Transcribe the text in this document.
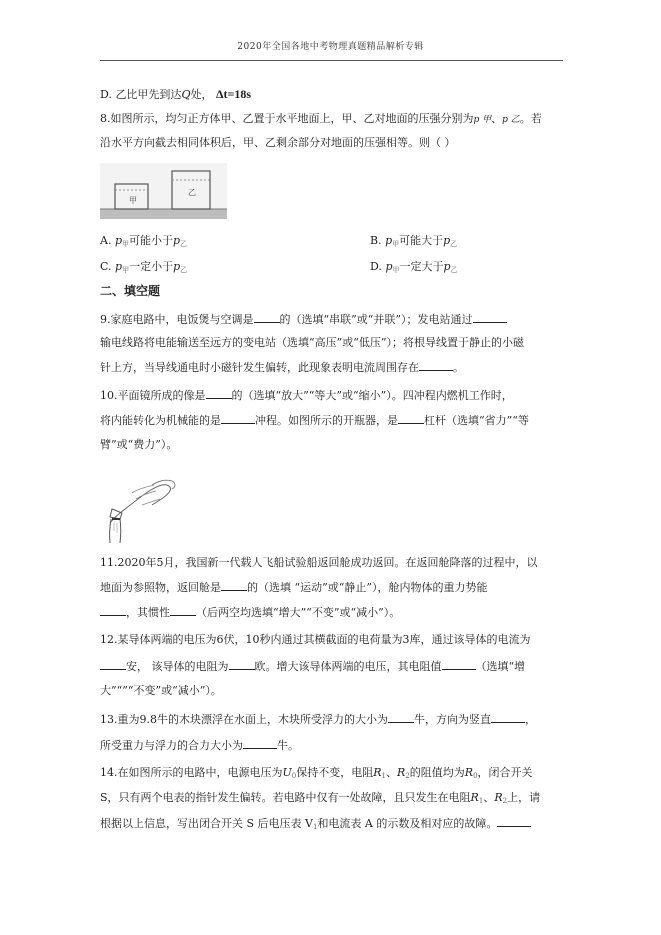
2020年全国各地中考物理真题精品解析专辑
D. 乙比甲先到达Q处， Δt=18s
8.如图所示，均匀正方体甲、乙置于水平地面上，甲、乙对地面的压强分别为p 甲、p 乙。若
沿水平方向截去相同体积后，甲、乙剩余部分对地面的压强相等。则（ ）
甲
乙
A. $p_甲$可能小于$p_乙$	B. $p_甲$可能大于$p_乙$
C. $p_甲$一定小于$p_乙$	D. $p_甲$一定大于$p_乙$
二、填空题
9.家庭电路中，电饭煲与空调是 的（选填“串联”或“并联”）；发电站通过
输电线路将电能输送至远方的变电站（选填“高压”或“低压”）；将根导线置于静止的小磁
针上方，当导线通电时小磁针发生偏转，此现象表明电流周围存在	。
10.平面镜所成的像是 的（选填“放大”“等大”或“缩小”）。四冲程内燃机工作时，
将内能转化为机械能的是	冲程。如图所示的开瓶器，是 杠杆（选填“省力”“等
臂”或“费力”）。
11.2020年5月，我国新一代载人飞船试验船返回舱成功返回。在返回舱降落的过程中，以
地面为参照物，返回舱是 的（选填 “运动”或“静止”），舱内物体的重力势能
，其惯性 （后两空均选填“增大”“不变”或“减小”）。
12.某导体两端的电压为6伏，10秒内通过其横截面的电荷量为3库，通过该导体的电流为
安， 该导体的电阻为 欧。增大该导体两端的电压，其电阻值	（选填“增
大”“”“不变”或“减小”）。
13.重为9.8牛的木块漂浮在水面上，木块所受浮力的大小为 牛，方向为竖直	，
所受重力与浮力的合力大小为	牛。
14.在如图所示的电路中，电源电压为$U_0$保持不变，电阻$R_1$、$R_2$的阻值均为$R_0$，闭合开关
S，只有两个电表的指针发生偏转。若电路中仅有一处故障，且只发生在电阻$R_1$、$R_2$上，请
根据以上信息，写出闭合开关 S 后电压表 $V_1$和电流表 A 的示数及相对应的故障。
